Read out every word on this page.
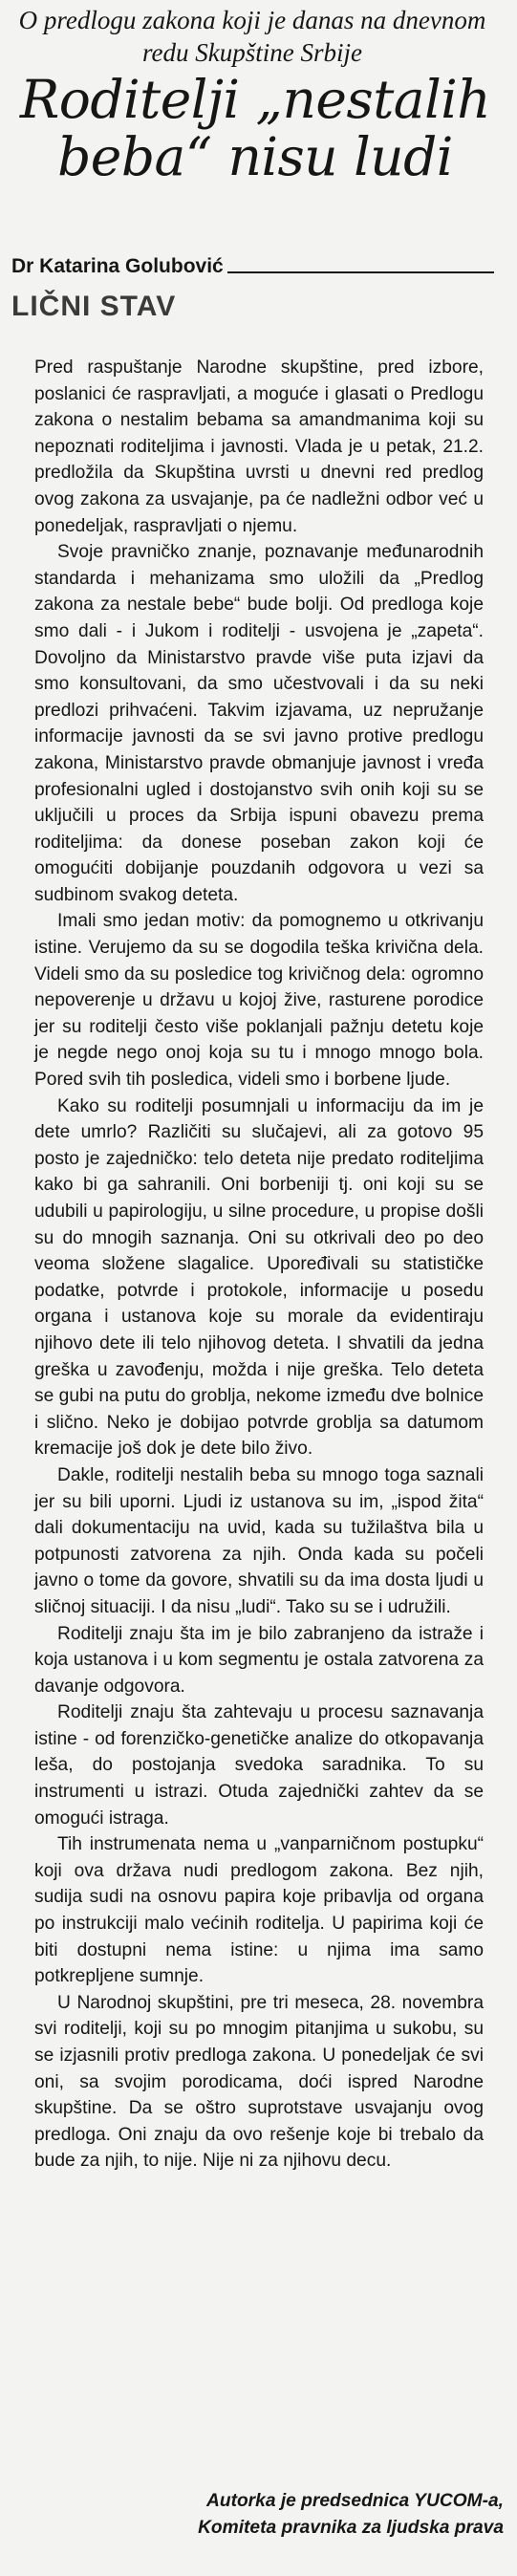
O predlogu zakona koji je danas na dnevnom redu Skupštine Srbije

Roditelji „nestalih beba“ nisu ludi
Dr Katarina Golubović
LIČNI STAV

Pred raspuštanje Narodne skupštine, pred izbore, poslanici će raspravljati, a moguće i glasati o Predlogu zakona o nestalim bebama sa amandmanima koji su nepoznati roditeljima i javnosti. Vlada je u petak, 21.2. predložila da Skupština uvrsti u dnevni red predlog ovog zakona za usvajanje, pa će nadležni odbor već u ponedeljak, raspravljati o njemu.

Svoje pravničko znanje, poznavanje međunarodnih standarda i mehanizama smo uložili da „Predlog zakona za nestale bebe“ bude bolji. Od predloga koje smo dali - i Jukom i roditelji - usvojena je „zapeta“. Dovoljno da Ministarstvo pravde više puta izjavi da smo konsultovani, da smo učestvovali i da su neki predlozi prihvaćeni. Takvim izjavama, uz nepružanje informacije javnosti da se svi javno protive predlogu zakona, Ministarstvo pravde obmanjuje javnost i vređa profesionalni ugled i dostojanstvo svih onih koji su se uključili u proces da Srbija ispuni obavezu prema roditeljima: da donese poseban zakon koji će omogućiti dobijanje pouzdanih odgovora u vezi sa sudbinom svakog deteta.

Imali smo jedan motiv: da pomognemo u otkrivanju istine. Verujemo da su se dogodila teška krivična dela. Videli smo da su posledice tog krivičnog dela: ogromno nepoverenje u državu u kojoj žive, rasturene porodice jer su roditelji često više poklanjali pažnju detetu koje je negde nego onoj koja su tu i mnogo mnogo bola. Pored svih tih posledica, videli smo i borbene ljude.

Kako su roditelji posumnjali u informaciju da im je dete umrlo? Različiti su slučajevi, ali za gotovo 95 posto je zajedničko: telo deteta nije predato roditeljima kako bi ga sahranili. Oni borbeniji tj. oni koji su se udubili u papirologiju, u silne procedure, u propise došli su do mnogih saznanja. Oni su otkrivali deo po deo veoma složene slagalice. Upoređivali su statističke podatke, potvrde i protokole, informacije u posedu organa i ustanova koje su morale da evidentiraju njihovo dete ili telo njihovog deteta. I shvatili da jedna greška u zavođenju, možda i nije greška. Telo deteta se gubi na putu do groblja, nekome između dve bolnice i slično. Neko je dobijao potvrde groblja sa datumom kremacije još dok je dete bilo živo.

Dakle, roditelji nestalih beba su mnogo toga saznali jer su bili uporni. Ljudi iz ustanova su im, „ispod žita“ dali dokumentaciju na uvid, kada su tužilaštva bila u potpunosti zatvorena za njih. Onda kada su počeli javno o tome da govore, shvatili su da ima dosta ljudi u sličnoj situaciji. I da nisu „ludi“. Tako su se i udružili.

Roditelji znaju šta im je bilo zabranjeno da istraže i koja ustanova i u kom segmentu je ostala zatvorena za davanje odgovora.

Roditelji znaju šta zahtevaju u procesu saznavanja istine - od forenzičko-genetičke analize do otkopavanja leša, do postojanja svedoka saradnika. To su instrumenti u istrazi. Otuda zajednički zahtev da se omogući istraga.

Tih instrumenata nema u „vanparničnom postupku“ koji ova država nudi predlogom zakona. Bez njih, sudija sudi na osnovu papira koje pribavlja od organa po instrukciji malo većinih roditelja. U papirima koji će biti dostupni nema istine: u njima ima samo potkrepljene sumnje.

U Narodnoj skupštini, pre tri meseca, 28. novembra svi roditelji, koji su po mnogim pitanjima u sukobu, su se izjasnili protiv predloga zakona. U ponedeljak će svi oni, sa svojim porodicama, doći ispred Narodne skupštine. Da se oštro suprotstave usvajanju ovog predloga. Oni znaju da ovo rešenje koje bi trebalo da bude za njih, to nije. Nije ni za njihovu decu.

Autorka je predsednica YUCOM-a,
Komiteta pravnika za ljudska prava
